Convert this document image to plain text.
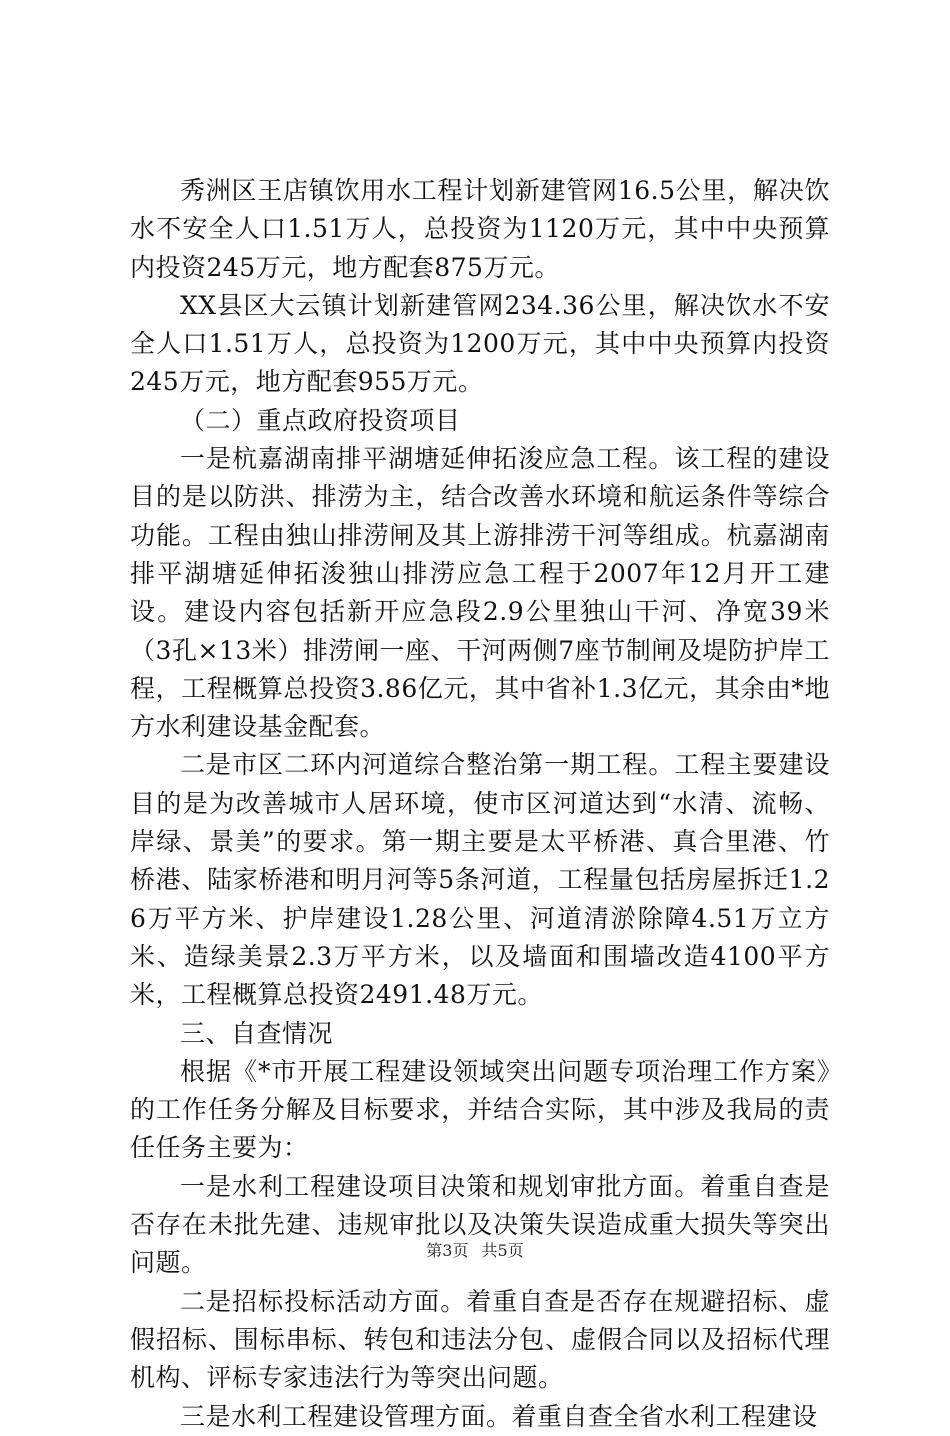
秀洲区王店镇饮用水工程计划新建管网16.5公里，解决饮水不安全人口1.51万人，总投资为1120万元，其中中央预算内投资245万元，地方配套875万元。

XX县区大云镇计划新建管网234.36公里，解决饮水不安全人口1.51万人，总投资为1200万元，其中中央预算内投资245万元，地方配套955万元。

（二）重点政府投资项目

一是杭嘉湖南排平湖塘延伸拓浚应急工程。该工程的建设目的是以防洪、排涝为主，结合改善水环境和航运条件等综合功能。工程由独山排涝闸及其上游排涝干河等组成。杭嘉湖南排平湖塘延伸拓浚独山排涝应急工程于2007年12月开工建设。建设内容包括新开应急段2.9公里独山干河、净宽39米（3孔×13米）排涝闸一座、干河两侧7座节制闸及堤防护岸工程，工程概算总投资3.86亿元，其中省补1.3亿元，其余由*地方水利建设基金配套。

二是市区二环内河道综合整治第一期工程。工程主要建设目的是为改善城市人居环境，使市区河道达到“水清、流畅、岸绿、景美”的要求。第一期主要是太平桥港、真合里港、竹桥港、陆家桥港和明月河等5条河道，工程量包括房屋拆迁1.26万平方米、护岸建设1.28公里、河道清淤除障4.51万立方米、造绿美景2.3万平方米，以及墙面和围墙改造4100平方米，工程概算总投资2491.48万元。

三、自查情况

根据《*市开展工程建设领域突出问题专项治理工作方案》的工作任务分解及目标要求，并结合实际，其中涉及我局的责任任务主要为：

一是水利工程建设项目决策和规划审批方面。着重自查是否存在未批先建、违规审批以及决策失误造成重大损失等突出问题。

二是招标投标活动方面。着重自查是否存在规避招标、虚假招标、围标串标、转包和违法分包、虚假合同以及招标代理机构、评标专家违法行为等突出问题。

三是水利工程建设管理方面。着重自查全省水利工程建设

第3页 共5页
